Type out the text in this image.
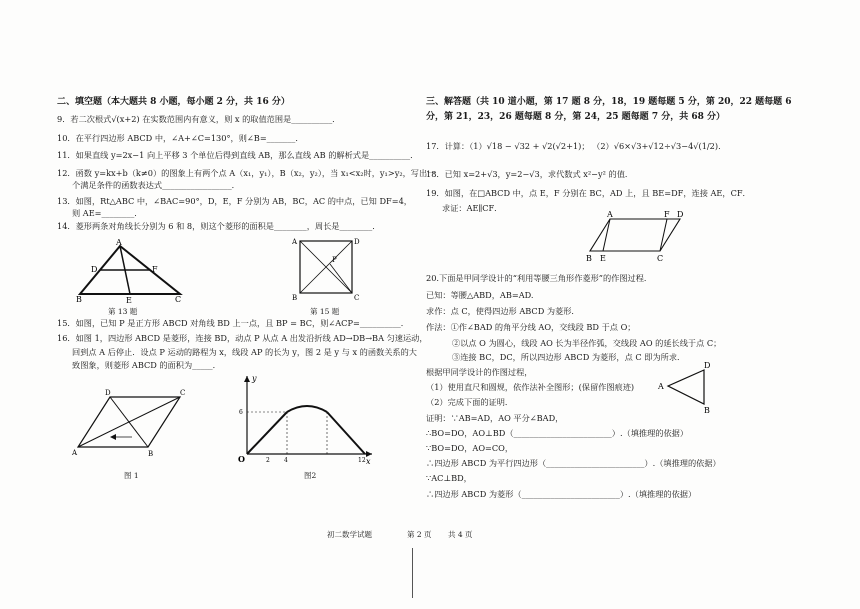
二、填空题（本大题共 8 小题，每小题 2 分，共 16 分）
9．若二次根式√(x+2) 在实数范围内有意义，则 x 的取值范围是__________．
10．在平行四边形 ABCD 中，∠A+∠C=130°，则∠B=_______．
11．如果直线 y=2x−1 向上平移 3 个单位后得到直线 AB，那么直线 AB 的解析式是__________．
12．函数 y=kx+b（k≠0）的图象上有两个点 A（x₁，y₁），B（x₂，y₂），当 x₁<x₂时，y₁>y₂，写出一
个满足条件的函数表达式_________________．
13．如图，Rt△ABC 中，∠BAC=90°，D，E，F 分别为 AB，BC，AC 的中点，已知 DF=4，
则 AE=________．
14．菱形两条对角线长分别为 6 和 8，则这个菱形的面积是________，周长是________．
A
B	C
D
E
F
第 13 题
A	D
B	C
P
第 15 题
15．如图，已知 P 是正方形 ABCD 对角线 BD 上一点，且 BP = BC，则∠ACP=__________．
16．如图 1，四边形 ABCD 是菱形，连接 BD，动点 P 从点 A 出发沿折线 AD→DB→BA 匀速运动，
回到点 A 后停止．设点 P 运动的路程为 x，线段 AP 的长为 y，图 2 是 y 与 x 的函数关系的大
致图象，则菱形 ABCD 的面积为_____．
D	C
A	B
图 1
y
x
O
6
2 4	12
图2
三、解答题（共 10 道小题，第 17 题 8 分，18，19 题每题 5 分，第 20，22 题每题 6
分，第 21，23，26 题每题 8 分，第 24，25 题每题 7 分，共 68 分）
17．计算：（1）√18 − √32 + √2(√2+1)； （2）√6×√3+√12÷√3−4√(1/2)．
18．已知 x=2+√3，y=2−√3，求代数式 x²−y² 的值．
19．如图，在□ABCD 中，点 E，F 分别在 BC，AD 上，且 BE=DF，连接 AE，CF．
求证：AE∥CF．
A	F D
B E	C
20.下面是甲同学设计的“利用等腰三角形作菱形”的作图过程．
已知：等腰△ABD，AB=AD.
求作：点 C，使得四边形 ABCD 为菱形．
作法：①作∠BAD 的角平分线 AO，交线段 BD 于点 O；
②以点 O 为圆心，线段 AO 长为半径作弧，交线段 AO 的延长线于点 C；
③连接 BC，DC，所以四边形 ABCD 为菱形，点 C 即为所求．
根据甲同学设计的作图过程，
（1）使用直尺和圆规，依作法补全图形；(保留作图痕迹)
（2）完成下面的证明．
证明：∵AB=AD，AO 平分∠BAD，
∴BO=DO，AO⊥BD（________________________）.（填推理的依据）
∵BO=DO，AO=CO，
∴四边形 ABCD 为平行四边形（________________________）.（填推理的依据）
∵AC⊥BD，
∴四边形 ABCD 为菱形（________________________）.（填推理的依据）
A
D
B
初二数学试题	第 2 页 共 4 页
